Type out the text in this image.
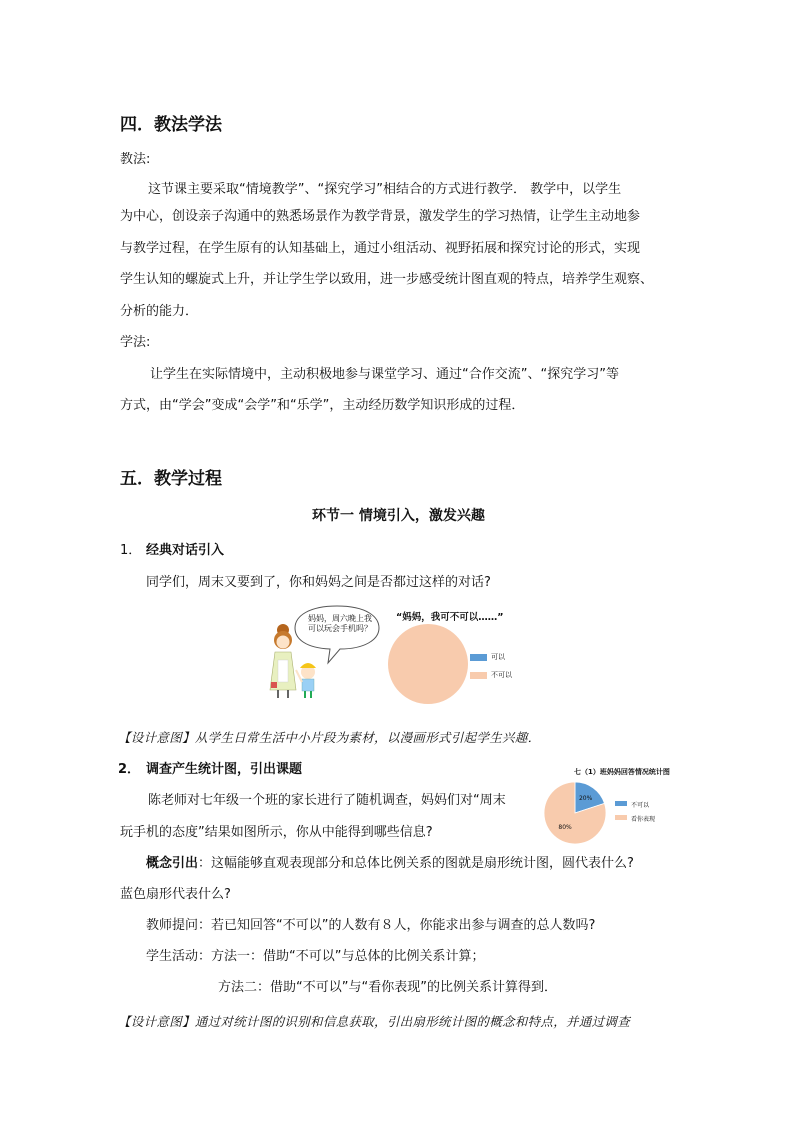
四．教法学法
教法:
这节课主要采取“情境教学”、“探究学习”相结合的方式进行教学． 教学中，以学生
为中心，创设亲子沟通中的熟悉场景作为教学背景，激发学生的学习热情，让学生主动地参
与教学过程，在学生原有的认知基础上，通过小组活动、视野拓展和探究讨论的形式，实现
学生认知的螺旋式上升，并让学生学以致用，进一步感受统计图直观的特点，培养学生观察、
分析的能力．
学法:
让学生在实际情境中，主动积极地参与课堂学习、通过“合作交流”、“探究学习”等
方式，由“学会”变成“会学”和“乐学”，主动经历数学知识形成的过程．
五．教学过程
环节一 情境引入，激发兴趣
1． 经典对话引入
同学们，周末又要到了，你和妈妈之间是否都过这样的对话?
妈妈，周六晚上我
可以玩会手机吗？
“妈妈，我可不可以……”
可以
不可以
【设计意图】从学生日常生活中小片段为素材，以漫画形式引起学生兴趣．
2． 调查产生统计图，引出课题
陈老师对七年级一个班的家长进行了随机调查，妈妈们对“周末
玩手机的态度”结果如图所示，你从中能得到哪些信息?
七（1）班妈妈回答情况统计图
20%
80%
不可以
看你表现
概念引出：这幅能够直观表现部分和总体比例关系的图就是扇形统计图，圆代表什么?
蓝色扇形代表什么?
教师提问：若已知回答“不可以”的人数有８人，你能求出参与调查的总人数吗?
学生活动：方法一：借助“不可以”与总体的比例关系计算；
方法二：借助“不可以”与“看你表现”的比例关系计算得到．
【设计意图】通过对统计图的识别和信息获取，引出扇形统计图的概念和特点，并通过调查
